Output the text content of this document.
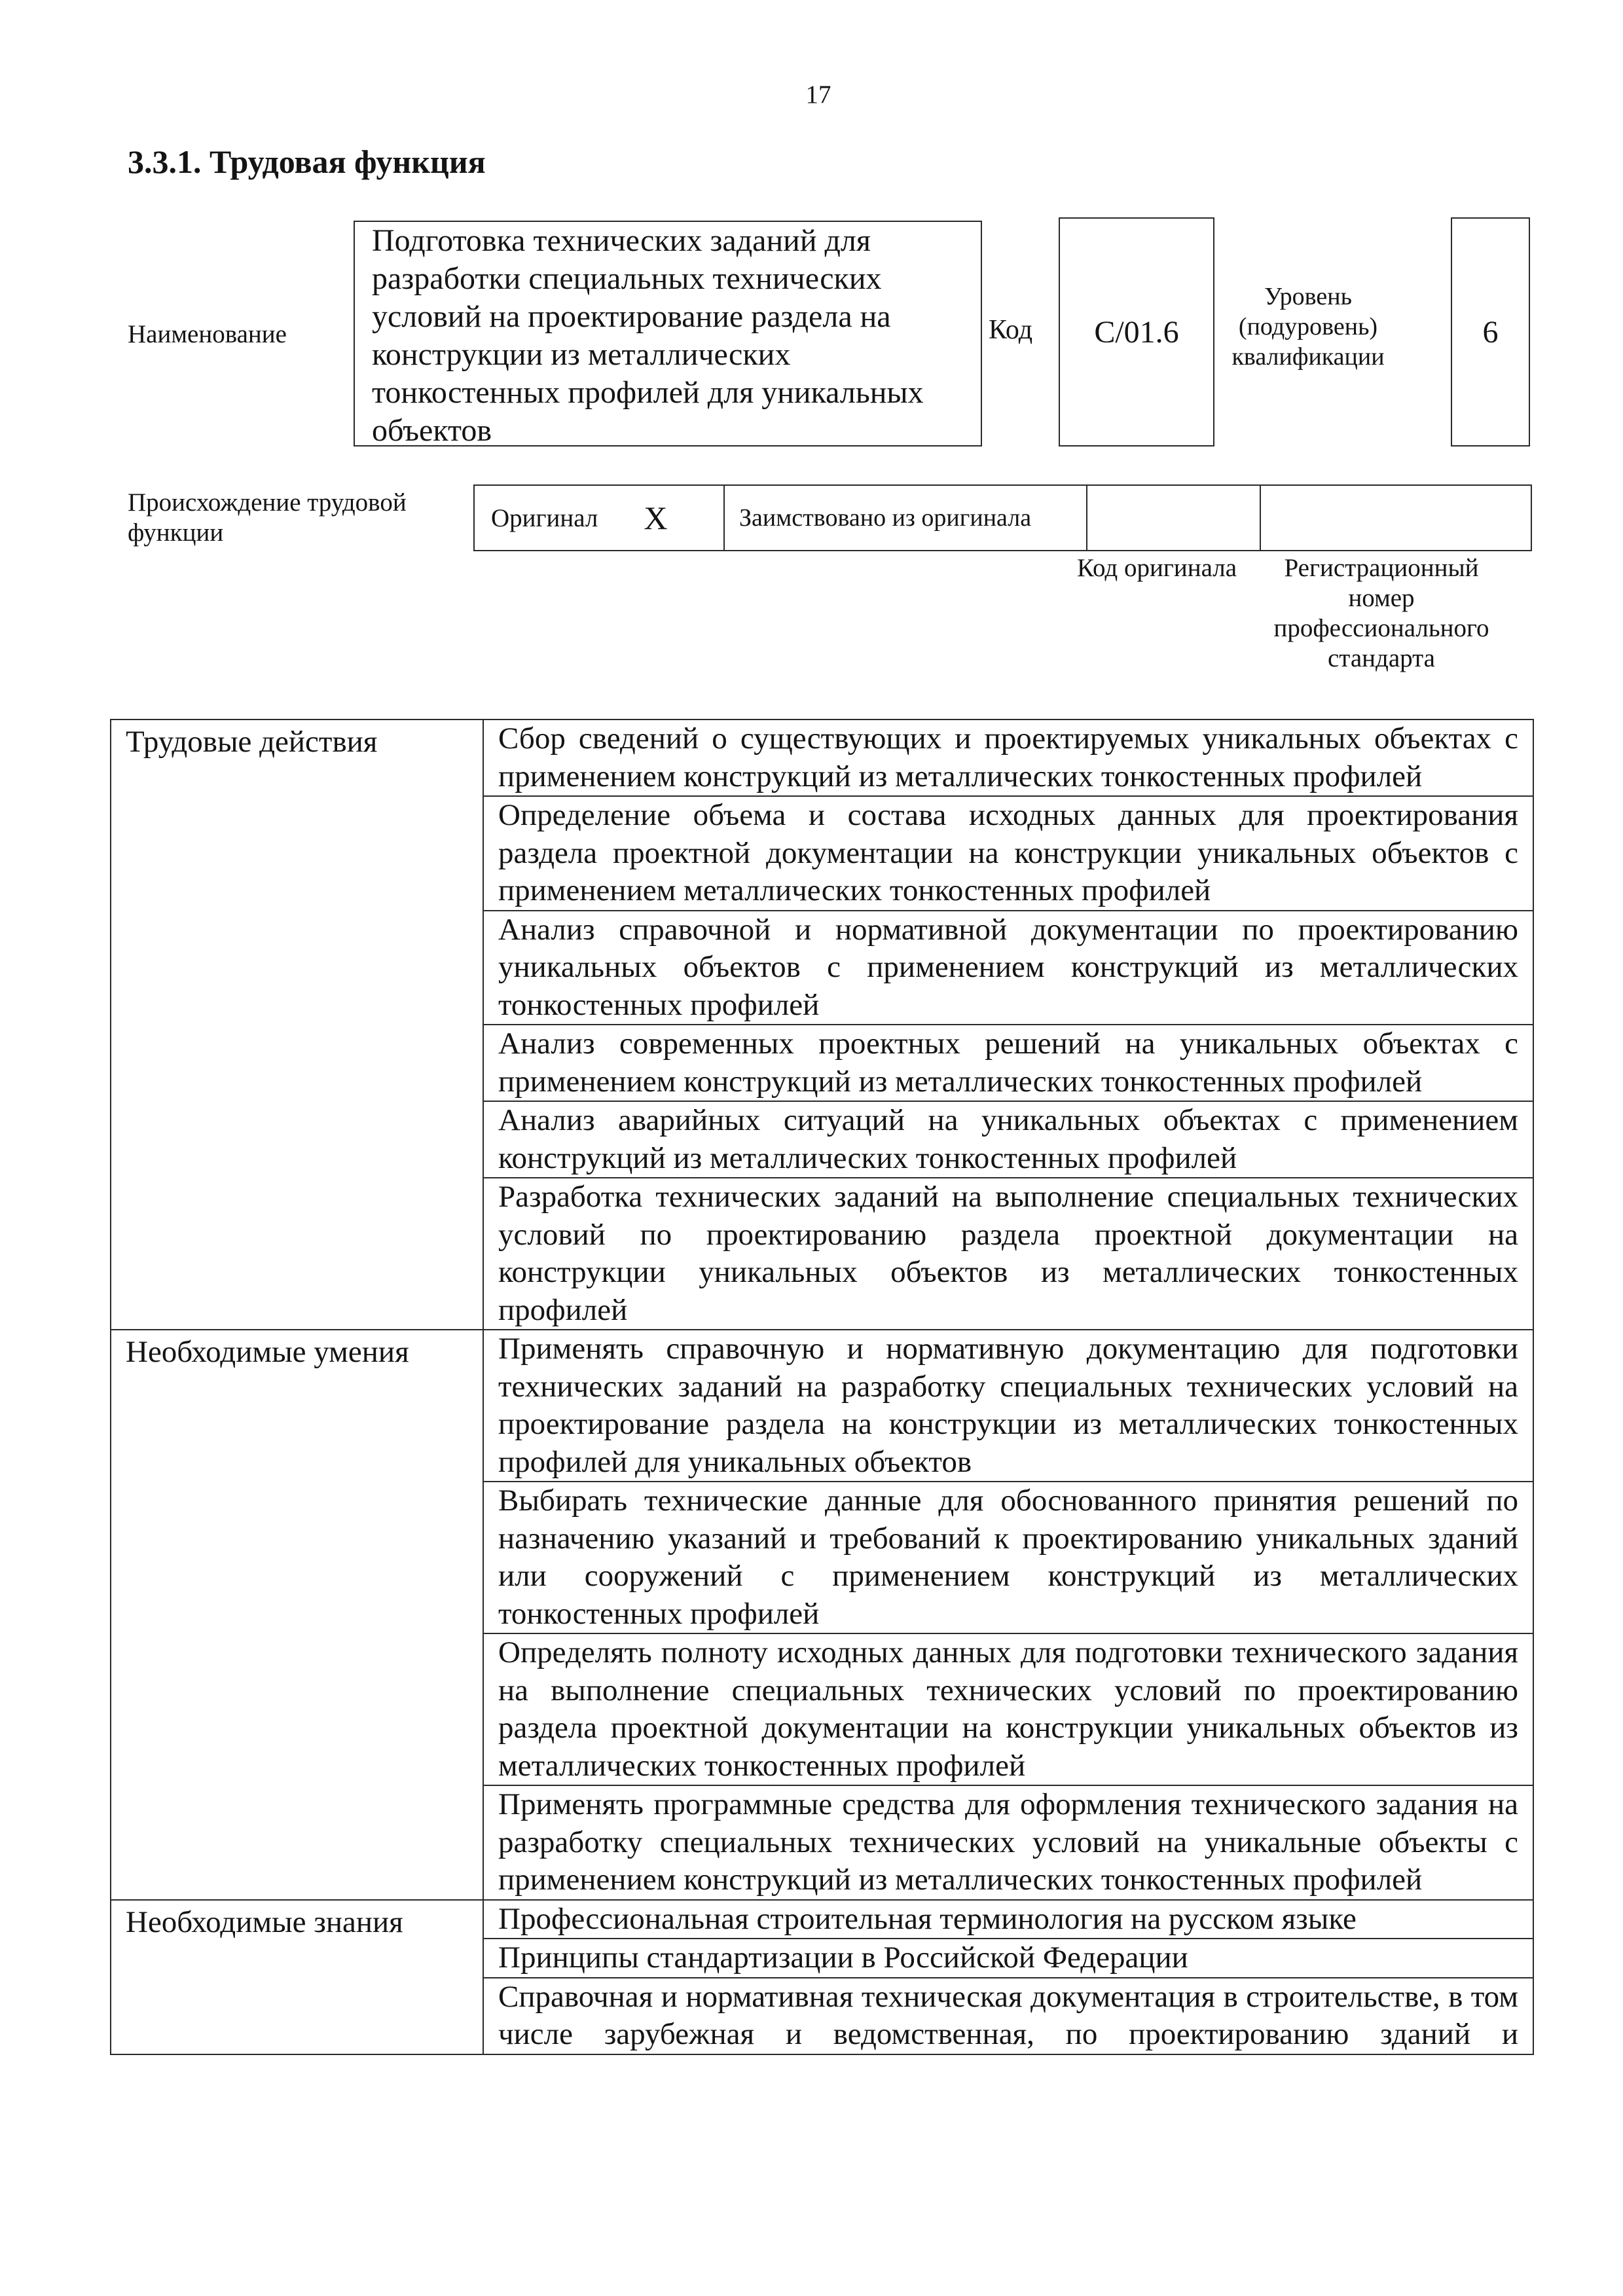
17
3.3.1. Трудовая функция
Наименование
Подготовка технических заданий для разработки специальных технических условий на проектирование раздела на конструкции из металлических тонкостенных профилей для уникальных объектов
Код С/01.6
Уровень (подуровень) квалификации
6
Происхождение трудовой функции
Оригинал X	Заимствовано из оригинала		
Код оригинала	Регистрационный номер профессионального стандарта
Трудовые действия	Сбор сведений о существующих и проектируемых уникальных объектах с применением конструкций из металлических тонкостенных профилей
	Определение объема и состава исходных данных для проектирования раздела проектной документации на конструкции уникальных объектов с применением металлических тонкостенных профилей
	Анализ справочной и нормативной документации по проектированию уникальных объектов с применением конструкций из металлических тонкостенных профилей
	Анализ современных проектных решений на уникальных объектах с применением конструкций из металлических тонкостенных профилей
	Анализ аварийных ситуаций на уникальных объектах с применением конструкций из металлических тонкостенных профилей
	Разработка технических заданий на выполнение специальных технических условий по проектированию раздела проектной документации на конструкции уникальных объектов из металлических тонкостенных профилей
Необходимые умения	Применять справочную и нормативную документацию для подготовки технических заданий на разработку специальных технических условий на проектирование раздела на конструкции из металлических тонкостенных профилей для уникальных объектов
	Выбирать технические данные для обоснованного принятия решений по назначению указаний и требований к проектированию уникальных зданий или сооружений с применением конструкций из металлических тонкостенных профилей
	Определять полноту исходных данных для подготовки технического задания на выполнение специальных технических условий по проектированию раздела проектной документации на конструкции уникальных объектов из металлических тонкостенных профилей
	Применять программные средства для оформления технического задания на разработку специальных технических условий на уникальные объекты с применением конструкций из металлических тонкостенных профилей
Необходимые знания	Профессиональная строительная терминология на русском языке
	Принципы стандартизации в Российской Федерации
	Справочная и нормативная техническая документация в строительстве, в том числе зарубежная и ведомственная, по проектированию зданий и
